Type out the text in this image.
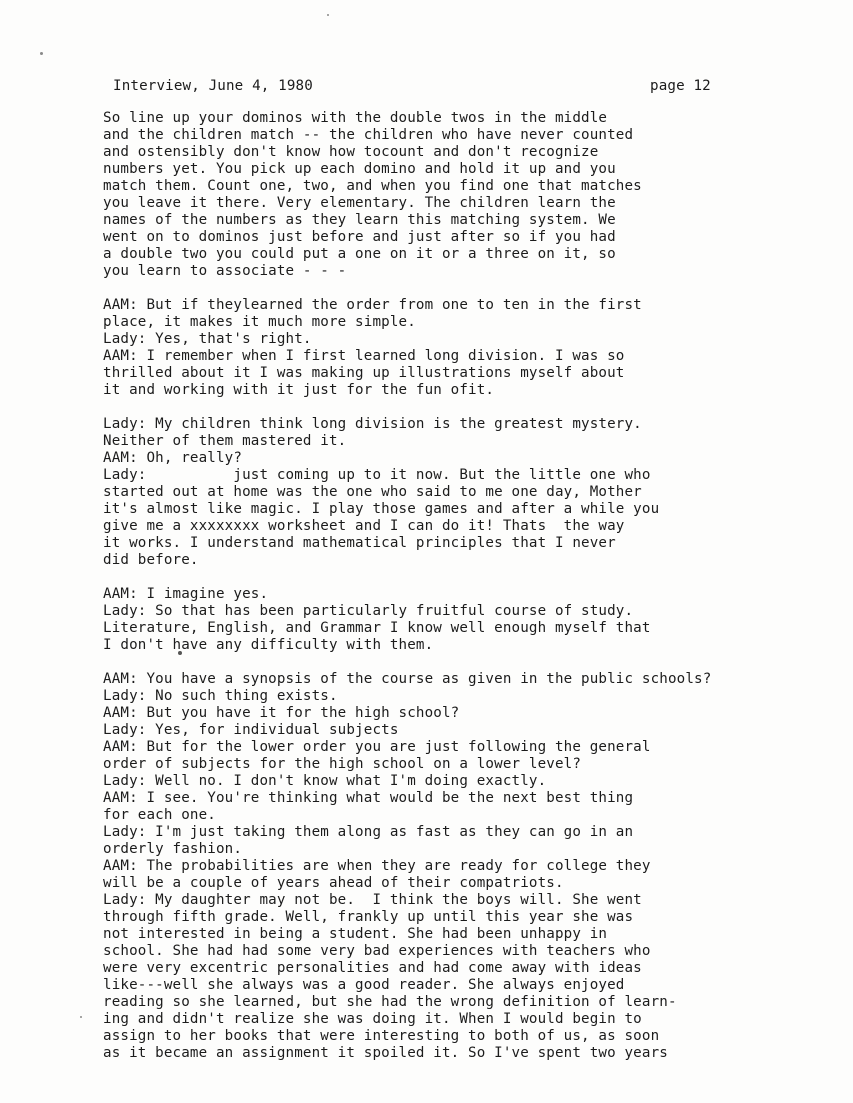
Interview, June 4, 1980	page 12
So line up your dominos with the double twos in the middle
and the children match -- the children who have never counted
and ostensibly don't know how tocount and don't recognize
numbers yet. You pick up each domino and hold it up and you
match them. Count one, two, and when you find one that matches
you leave it there. Very elementary. The children learn the
names of the numbers as they learn this matching system. We
went on to dominos just before and just after so if you had
a double two you could put a one on it or a three on it, so
you learn to associate - - -
AAM: But if theylearned the order from one to ten in the first
place, it makes it much more simple.
Lady: Yes, that's right.
AAM: I remember when I first learned long division. I was so
thrilled about it I was making up illustrations myself about
it and working with it just for the fun ofit.
Lady: My children think long division is the greatest mystery.
Neither of them mastered it.
AAM: Oh, really?
Lady:          just coming up to it now. But the little one who
started out at home was the one who said to me one day, Mother
it's almost like magic. I play those games and after a while you
give me a xxxxxxxx worksheet and I can do it! Thats  the way
it works. I understand mathematical principles that I never
did before.
AAM: I imagine yes.
Lady: So that has been particularly fruitful course of study.
Literature, English, and Grammar I know well enough myself that
I don't have any difficulty with them.
AAM: You have a synopsis of the course as given in the public schools?
Lady: No such thing exists.
AAM: But you have it for the high school?
Lady: Yes, for individual subjects
AAM: But for the lower order you are just following the general
order of subjects for the high school on a lower level?
Lady: Well no. I don't know what I'm doing exactly.
AAM: I see. You're thinking what would be the next best thing
for each one.
Lady: I'm just taking them along as fast as they can go in an
orderly fashion.
AAM: The probabilities are when they are ready for college they
will be a couple of years ahead of their compatriots.
Lady: My daughter may not be.  I think the boys will. She went
through fifth grade. Well, frankly up until this year she was
not interested in being a student. She had been unhappy in
school. She had had some very bad experiences with teachers who
were very excentric personalities and had come away with ideas
like---well she always was a good reader. She always enjoyed
reading so she learned, but she had the wrong definition of learn-
ing and didn't realize she was doing it. When I would begin to
assign to her books that were interesting to both of us, as soon
as it became an assignment it spoiled it. So I've spent two years
